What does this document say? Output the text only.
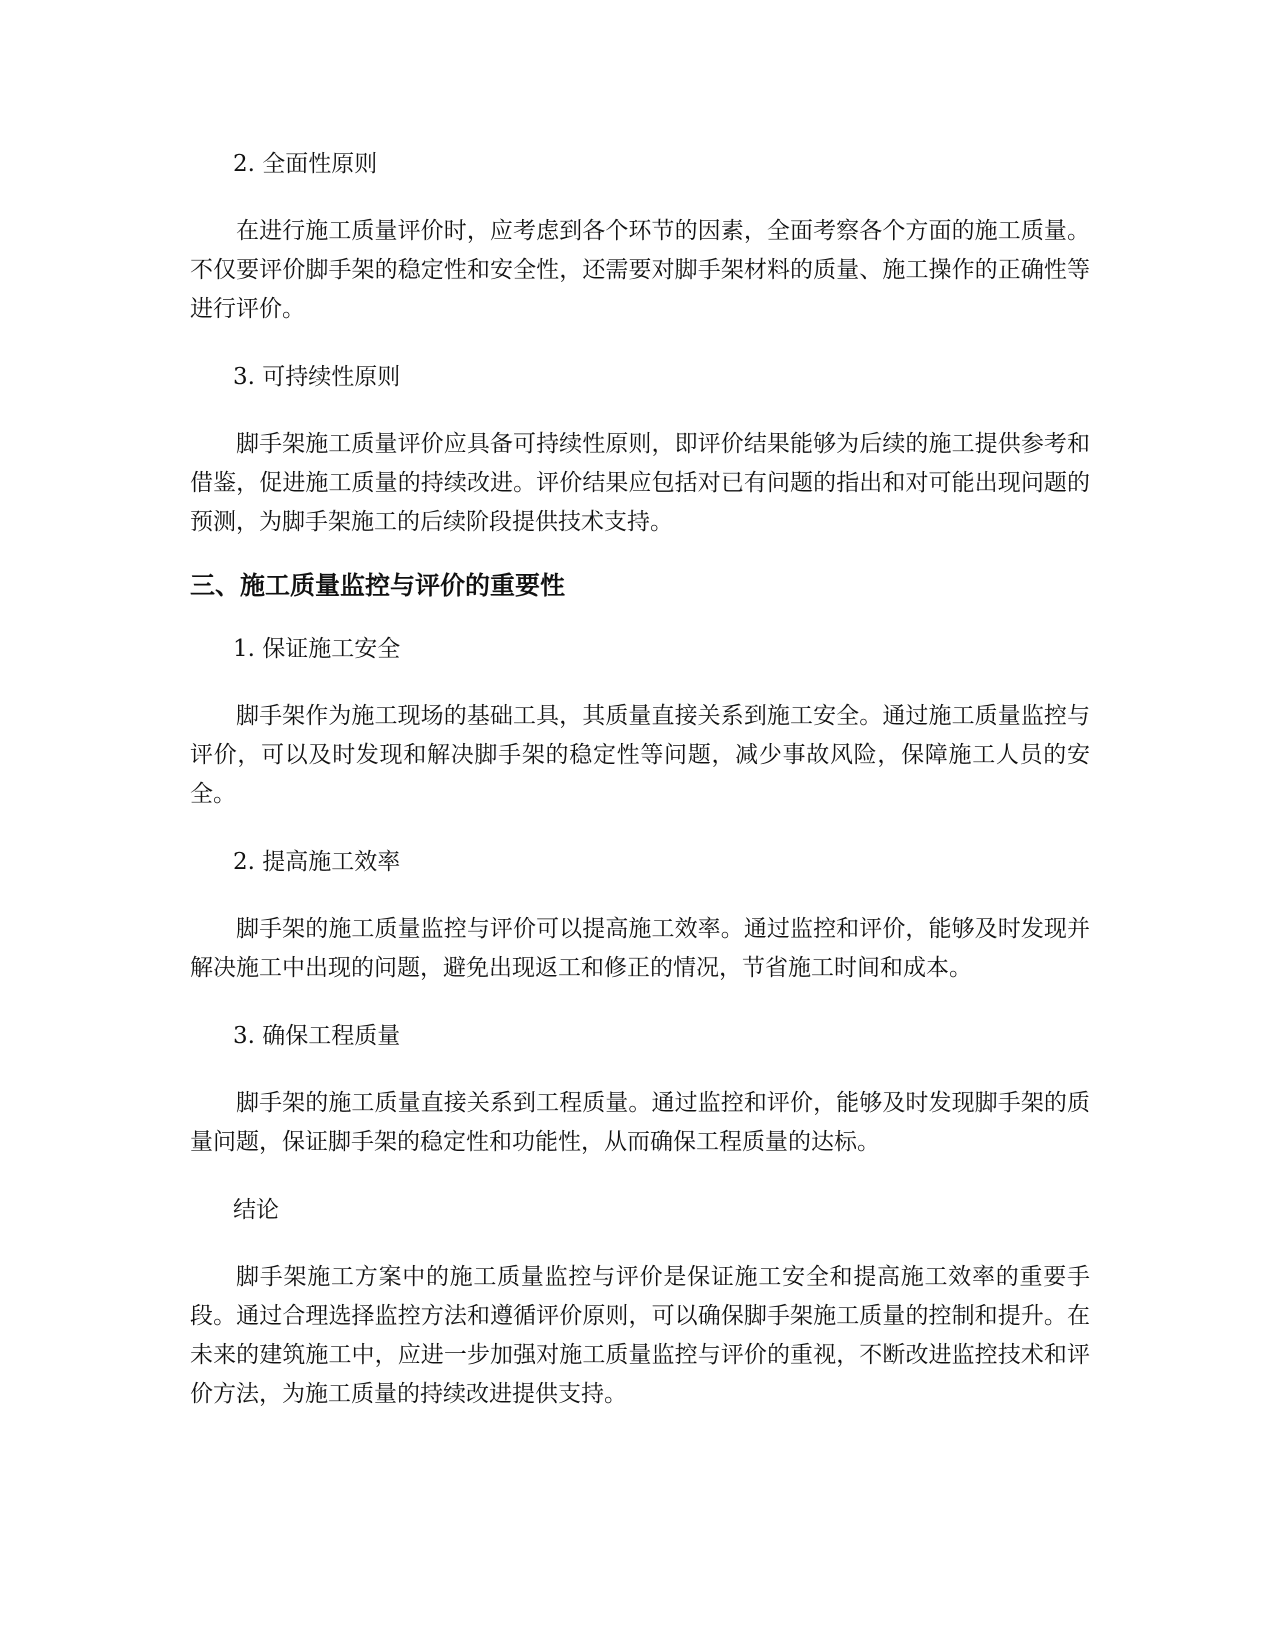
2. 全面性原则

在进行施工质量评价时，应考虑到各个环节的因素，全面考察各个方面的施工质量。不仅要评价脚手架的稳定性和安全性，还需要对脚手架材料的质量、施工操作的正确性等进行评价。

3. 可持续性原则

脚手架施工质量评价应具备可持续性原则，即评价结果能够为后续的施工提供参考和借鉴，促进施工质量的持续改进。评价结果应包括对已有问题的指出和对可能出现问题的预测，为脚手架施工的后续阶段提供技术支持。

三、施工质量监控与评价的重要性

1. 保证施工安全

脚手架作为施工现场的基础工具，其质量直接关系到施工安全。通过施工质量监控与评价，可以及时发现和解决脚手架的稳定性等问题，减少事故风险，保障施工人员的安全。

2. 提高施工效率

脚手架的施工质量监控与评价可以提高施工效率。通过监控和评价，能够及时发现并解决施工中出现的问题，避免出现返工和修正的情况，节省施工时间和成本。

3. 确保工程质量

脚手架的施工质量直接关系到工程质量。通过监控和评价，能够及时发现脚手架的质量问题，保证脚手架的稳定性和功能性，从而确保工程质量的达标。

结论

脚手架施工方案中的施工质量监控与评价是保证施工安全和提高施工效率的重要手段。通过合理选择监控方法和遵循评价原则，可以确保脚手架施工质量的控制和提升。在未来的建筑施工中，应进一步加强对施工质量监控与评价的重视，不断改进监控技术和评价方法，为施工质量的持续改进提供支持。
